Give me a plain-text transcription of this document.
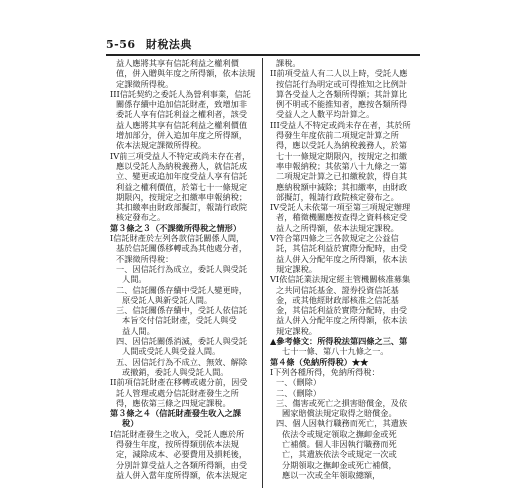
5-56 財稅法典
益人應將其享有信託利益之權利價
值，併入贈與年度之所得額，依本法規
定課徵所得稅。
III信託契約之委託人為營利事業，信託
關係存續中追加信託財產，致增加非
委託人享有信託利益之權利者，該受
益人應將其享有信託利益之權利價值
增加部分，併入追加年度之所得額，
依本法規定課徵所得稅。
IV前三項受益人不特定或尚未存在者，
應以受託人為納稅義務人，就信託成
立、變更或追加年度受益人享有信託
利益之權利價值，於第七十一條規定
期限內，按規定之扣繳率申報納稅；
其扣繳率由財政部擬訂，報請行政院
核定發布之。
第３條之３（不課徵所得稅之情形）
I信託財產於左列各款信託關係人間，
基於信託關係移轉或為其他處分者，
不課徵所得稅：
一、因信託行為成立，委託人與受託
人間。
二、信託關係存續中受託人變更時，
原受託人與新受託人間。
三、信託關係存續中，受託人依信託
本旨交付信託財產，受託人與受
益人間。
四、因信託關係消滅，委託人與受託
人間或受託人與受益人間。
五、因信託行為不成立、無效、解除
或撤銷，委託人與受託人間。
II前項信託財產在移轉或處分前，因受
託人管理或處分信託財產發生之所
得，應依第三條之四規定課稅。
第３條之４（信託財產發生收入之課
稅）
I信託財產發生之收入，受託人應於所
得發生年度，按所得類別依本法規
定，減除成本、必要費用及損耗後，
分別計算受益人之各類所得額，由受
益人併入當年度所得額，依本法規定
課稅。
II前項受益人有二人以上時，受託人應
按信託行為明定或可得推知之比例計
算各受益人之各類所得額；其計算比
例不明或不能推知者，應按各類所得
受益人之人數平均計算之。
III受益人不特定或尚未存在者，其於所
得發生年度依前二項規定計算之所
得，應以受託人為納稅義務人，於第
七十一條規定期限內，按規定之扣繳
率申報納稅；其依第八十九條之一第
二項規定計算之已扣繳稅款，得自其
應納稅額中減除；其扣繳率，由財政
部擬訂，報請行政院核定發布之。
IV受託人未依第一項至第三項規定辦理
者，稽徵機關應按查得之資料核定受
益人之所得額，依本法規定課稅。
V符合第四條之三各款規定之公益信
託，其信託利益於實際分配時，由受
益人併入分配年度之所得額，依本法
規定課稅。
VI依信託業法規定經主管機關核准募集
之共同信託基金、證券投資信託基
金，或其他經財政部核准之信託基
金，其信託利益於實際分配時，由受
益人併入分配年度之所得額，依本法
規定課稅。
▲參考條文：所得稅法第四條之三、第
七十一條、第八十九條之一。
第４條（免納所得稅）★★
I下列各種所得，免納所得稅：
一、（刪除）
二、（刪除）
三、傷害或死亡之損害賠償金，及依
國家賠償法規定取得之賠償金。
四、個人因執行職務而死亡，其遺族
依法令或規定領取之撫卹金或死
亡補償。個人非因執行職務而死
亡，其遺族依法令或規定一次或
分期領取之撫卹金或死亡補償，
應以一次或全年領取總額，
